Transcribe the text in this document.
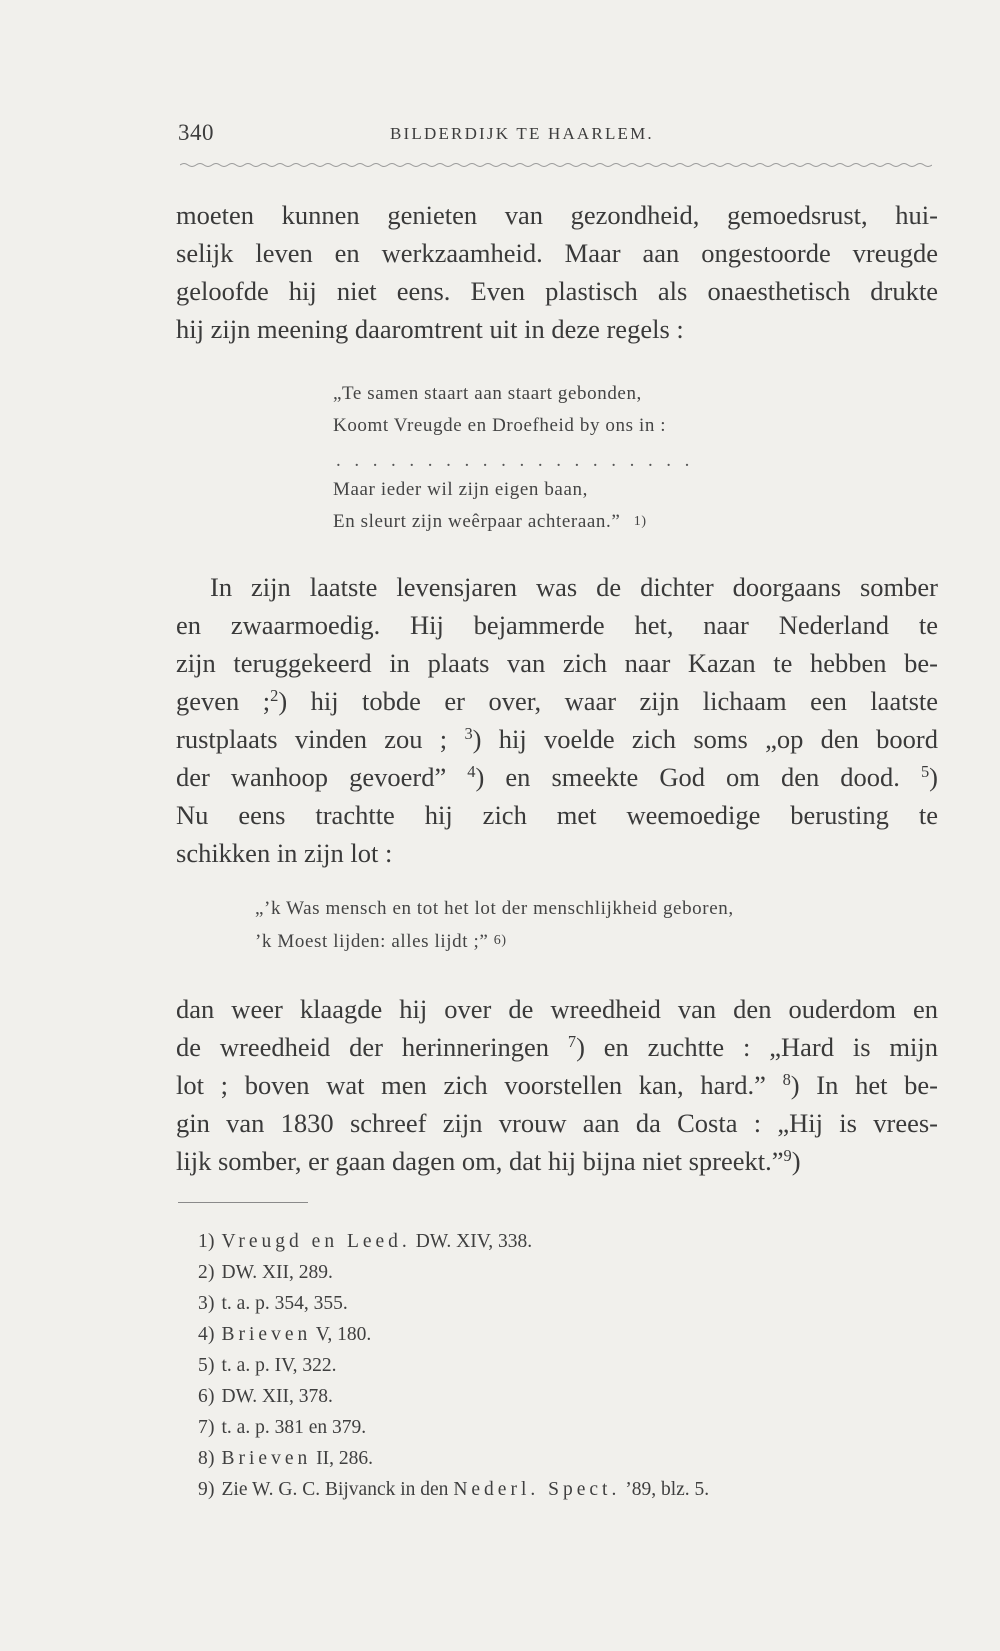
340	BILDERDIJK TE HAARLEM.
moeten kunnen genieten van gezondheid, gemoedsrust, hui-
selijk leven en werkzaamheid. Maar aan ongestoorde vreugde
geloofde hij niet eens. Even plastisch als onaesthetisch drukte
hij zijn meening daaromtrent uit in deze regels :
„Te samen staart aan staart gebonden,
Koomt Vreugde en Droefheid by ons in :
....................
Maar ieder wil zijn eigen baan,
En sleurt zijn weêrpaar achteraan.” 1)
In zijn laatste levensjaren was de dichter doorgaans somber
en zwaarmoedig. Hij bejammerde het, naar Nederland te
zijn teruggekeerd in plaats van zich naar Kazan te hebben be-
geven ;$^2$) hij tobde er over, waar zijn lichaam een laatste
rustplaats vinden zou ; $^3$) hij voelde zich soms „op den boord
der wanhoop gevoerd” $^4$) en smeekte God om den dood. $^5$)
Nu eens trachtte hij zich met weemoedige berusting te
schikken in zijn lot :
„’k Was mensch en tot het lot der menschlijkheid geboren,
’k Moest lijden: alles lijdt ;” 6)
dan weer klaagde hij over de wreedheid van den ouderdom en
de wreedheid der herinneringen $^7$) en zuchtte : „Hard is mijn
lot ; boven wat men zich voorstellen kan, hard.” $^8$) In het be-
gin van 1830 schreef zijn vrouw aan da Costa : „Hij is vrees-
lijk somber, er gaan dagen om, dat hij bijna niet spreekt.”$^9$)
1) Vreugd en Leed. DW. XIV, 338.
2) DW. XII, 289.
3) t. a. p. 354, 355.
4) Brieven V, 180.
5) t. a. p. IV, 322.
6) DW. XII, 378.
7) t. a. p. 381 en 379.
8) Brieven II, 286.
9) Zie W. G. C. Bijvanck in den Nederl. Spect. ’89, blz. 5.
